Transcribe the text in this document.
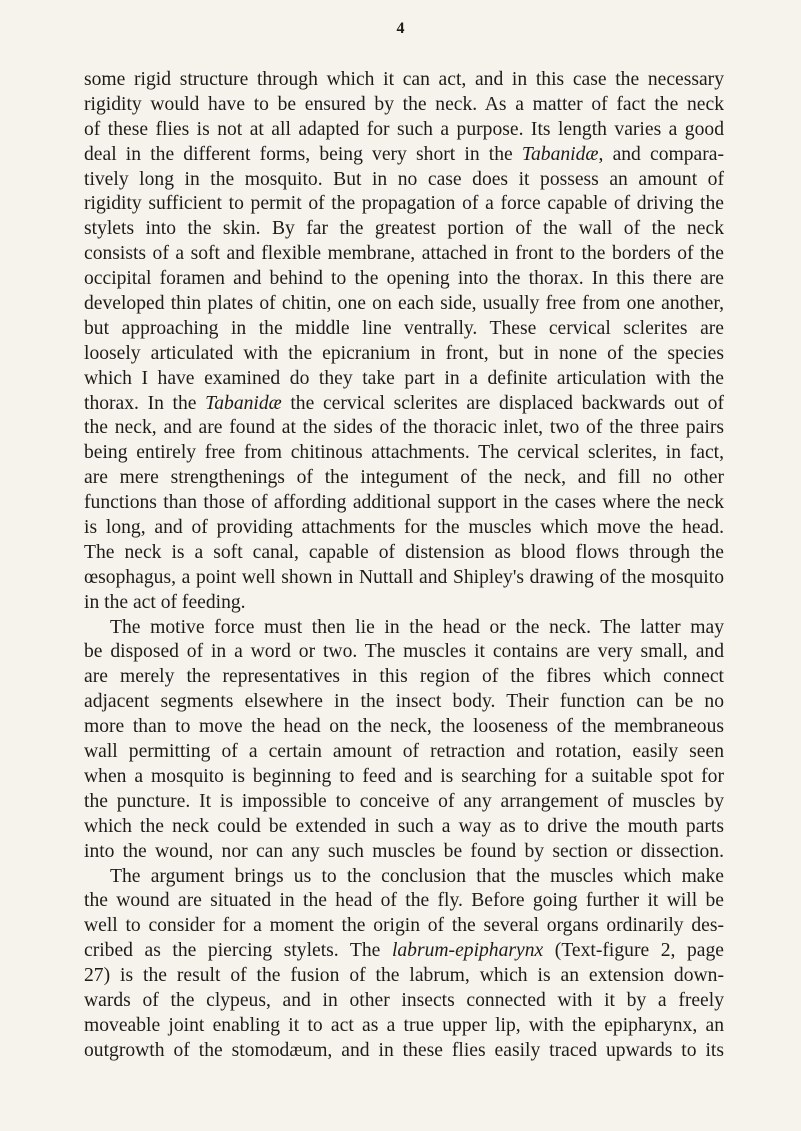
4
some rigid structure through which it can act, and in this case the necessary
rigidity would have to be ensured by the neck. As a matter of fact the neck
of these flies is not at all adapted for such a purpose. Its length varies a good
deal in the different forms, being very short in the Tabanidæ, and compara-
tively long in the mosquito. But in no case does it possess an amount of
rigidity sufficient to permit of the propagation of a force capable of driving the
stylets into the skin. By far the greatest portion of the wall of the neck
consists of a soft and flexible membrane, attached in front to the borders of the
occipital foramen and behind to the opening into the thorax. In this there are
developed thin plates of chitin, one on each side, usually free from one another,
but approaching in the middle line ventrally. These cervical sclerites are
loosely articulated with the epicranium in front, but in none of the species
which I have examined do they take part in a definite articulation with the
thorax. In the Tabanidæ the cervical sclerites are displaced backwards out of
the neck, and are found at the sides of the thoracic inlet, two of the three pairs
being entirely free from chitinous attachments. The cervical sclerites, in fact,
are mere strengthenings of the integument of the neck, and fill no other
functions than those of affording additional support in the cases where the neck
is long, and of providing attachments for the muscles which move the head.
The neck is a soft canal, capable of distension as blood flows through the
œsophagus, a point well shown in Nuttall and Shipley's drawing of the mosquito
in the act of feeding.
The motive force must then lie in the head or the neck. The latter may
be disposed of in a word or two. The muscles it contains are very small, and
are merely the representatives in this region of the fibres which connect
adjacent segments elsewhere in the insect body. Their function can be no
more than to move the head on the neck, the looseness of the membraneous
wall permitting of a certain amount of retraction and rotation, easily seen
when a mosquito is beginning to feed and is searching for a suitable spot for
the puncture. It is impossible to conceive of any arrangement of muscles by
which the neck could be extended in such a way as to drive the mouth parts
into the wound, nor can any such muscles be found by section or dissection.
The argument brings us to the conclusion that the muscles which make
the wound are situated in the head of the fly. Before going further it will be
well to consider for a moment the origin of the several organs ordinarily des-
cribed as the piercing stylets. The labrum-epipharynx (Text-figure 2, page
27) is the result of the fusion of the labrum, which is an extension down-
wards of the clypeus, and in other insects connected with it by a freely
moveable joint enabling it to act as a true upper lip, with the epipharynx, an
outgrowth of the stomodæum, and in these flies easily traced upwards to its
